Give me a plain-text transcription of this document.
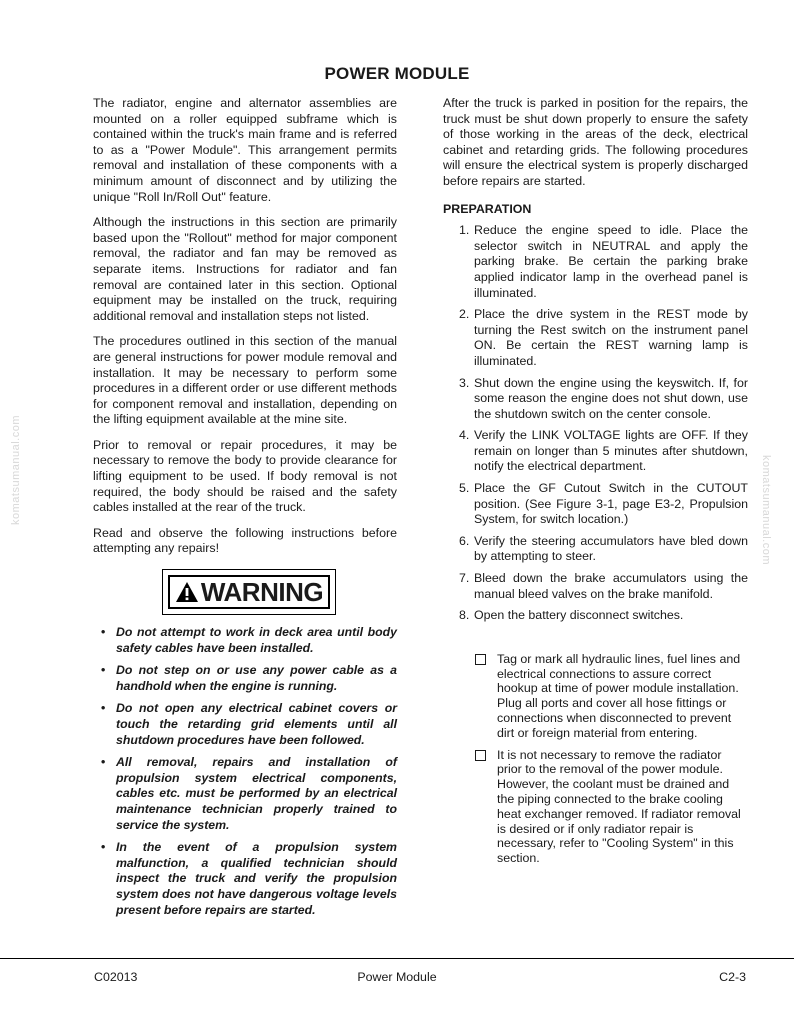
POWER MODULE

The radiator, engine and alternator assemblies are mounted on a roller equipped subframe which is contained within the truck's main frame and is referred to as a "Power Module". This arrangement permits removal and installation of these components with a minimum amount of disconnect and by utilizing the unique "Roll In/Roll Out" feature.

Although the instructions in this section are primarily based upon the "Rollout" method for major component removal, the radiator and fan may be removed as separate items. Instructions for radiator and fan removal are contained later in this section. Optional equipment may be installed on the truck, requiring additional removal and installation steps not listed.

The procedures outlined in this section of the manual are general instructions for power module removal and installation. It may be necessary to perform some procedures in a different order or use different methods for component removal and installation, depending on the lifting equipment available at the mine site.

Prior to removal or repair procedures, it may be necessary to remove the body to provide clearance for lifting equipment to be used. If body removal is not required, the body should be raised and the safety cables installed at the rear of the truck.

Read and observe the following instructions before attempting any repairs!

WARNING
• Do not attempt to work in deck area until body safety cables have been installed.
• Do not step on or use any power cable as a handhold when the engine is running.
• Do not open any electrical cabinet covers or touch the retarding grid elements until all shutdown procedures have been followed.
• All removal, repairs and installation of propulsion system electrical components, cables etc. must be performed by an electrical maintenance technician properly trained to service the system.
• In the event of a propulsion system malfunction, a qualified technician should inspect the truck and verify the propulsion system does not have dangerous voltage levels present before repairs are started.

After the truck is parked in position for the repairs, the truck must be shut down properly to ensure the safety of those working in the areas of the deck, electrical cabinet and retarding grids. The following procedures will ensure the electrical system is properly discharged before repairs are started.

PREPARATION
1. Reduce the engine speed to idle. Place the selector switch in NEUTRAL and apply the parking brake. Be certain the parking brake applied indicator lamp in the overhead panel is illuminated.
2. Place the drive system in the REST mode by turning the Rest switch on the instrument panel ON. Be certain the REST warning lamp is illuminated.
3. Shut down the engine using the keyswitch. If, for some reason the engine does not shut down, use the shutdown switch on the center console.
4. Verify the LINK VOLTAGE lights are OFF. If they remain on longer than 5 minutes after shutdown, notify the electrical department.
5. Place the GF Cutout Switch in the CUTOUT position. (See Figure 3-1, page E3-2, Propulsion System, for switch location.)
6. Verify the steering accumulators have bled down by attempting to steer.
7. Bleed down the brake accumulators using the manual bleed valves on the brake manifold.
8. Open the battery disconnect switches.
Tag or mark all hydraulic lines, fuel lines and electrical connections to assure correct hookup at time of power module installation. Plug all ports and cover all hose fittings or connections when disconnected to prevent dirt or foreign material from entering.
It is not necessary to remove the radiator prior to the removal of the power module. However, the coolant must be drained and the piping connected to the brake cooling heat exchanger removed. If radiator removal is desired or if only radiator repair is necessary, refer to "Cooling System" in this section.
komatsumanual.com	komatsumanual.com
C02013	Power Module	C2-3
